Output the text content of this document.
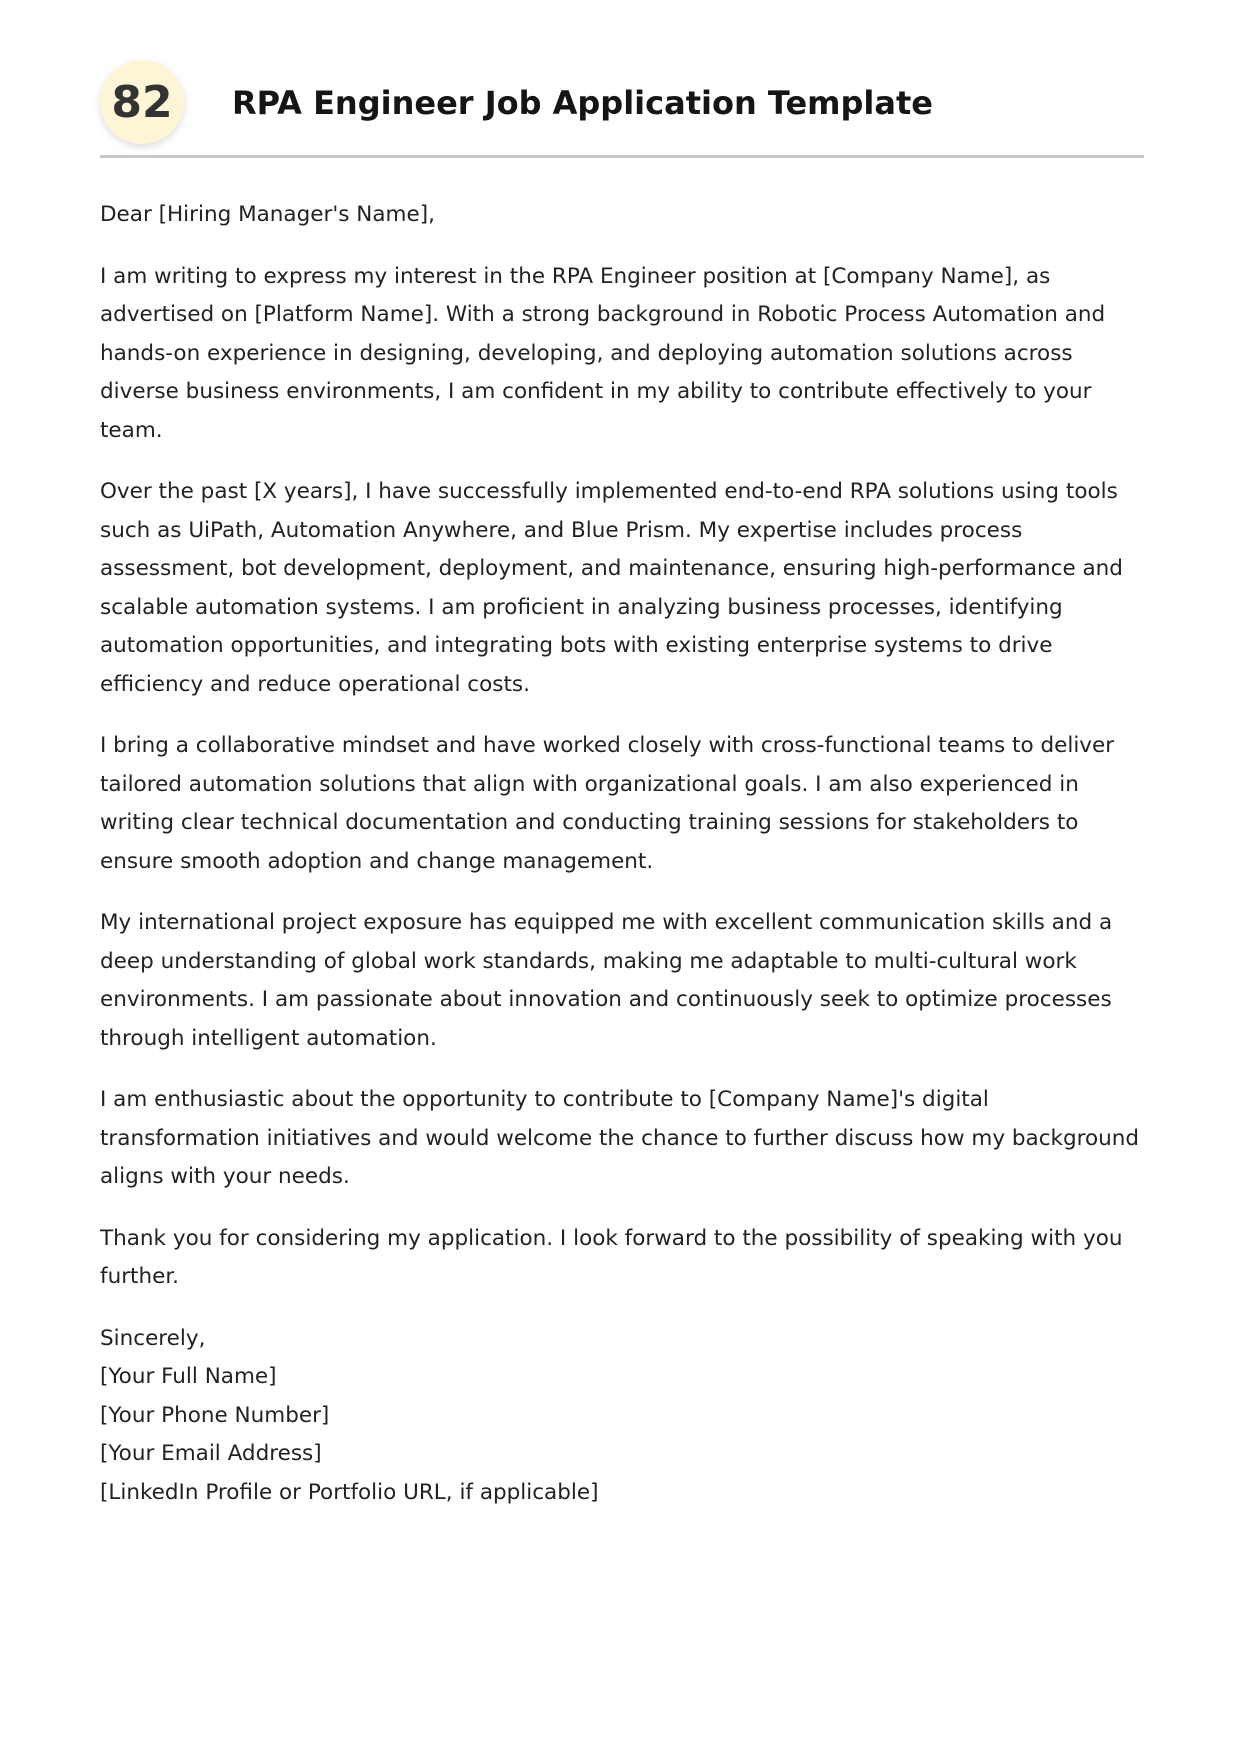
82	RPA Engineer Job Application Template

Dear [Hiring Manager's Name],

I am writing to express my interest in the RPA Engineer position at [Company Name], as advertised on [Platform Name]. With a strong background in Robotic Process Automation and hands-on experience in designing, developing, and deploying automation solutions across diverse business environments, I am confident in my ability to contribute effectively to your team.

Over the past [X years], I have successfully implemented end-to-end RPA solutions using tools such as UiPath, Automation Anywhere, and Blue Prism. My expertise includes process assessment, bot development, deployment, and maintenance, ensuring high-performance and scalable automation systems. I am proficient in analyzing business processes, identifying automation opportunities, and integrating bots with existing enterprise systems to drive efficiency and reduce operational costs.

I bring a collaborative mindset and have worked closely with cross-functional teams to deliver tailored automation solutions that align with organizational goals. I am also experienced in writing clear technical documentation and conducting training sessions for stakeholders to ensure smooth adoption and change management.

My international project exposure has equipped me with excellent communication skills and a deep understanding of global work standards, making me adaptable to multi-cultural work environments. I am passionate about innovation and continuously seek to optimize processes through intelligent automation.

I am enthusiastic about the opportunity to contribute to [Company Name]'s digital transformation initiatives and would welcome the chance to further discuss how my background aligns with your needs.

Thank you for considering my application. I look forward to the possibility of speaking with you further.

Sincerely,
[Your Full Name]
[Your Phone Number]
[Your Email Address]
[LinkedIn Profile or Portfolio URL, if applicable]
